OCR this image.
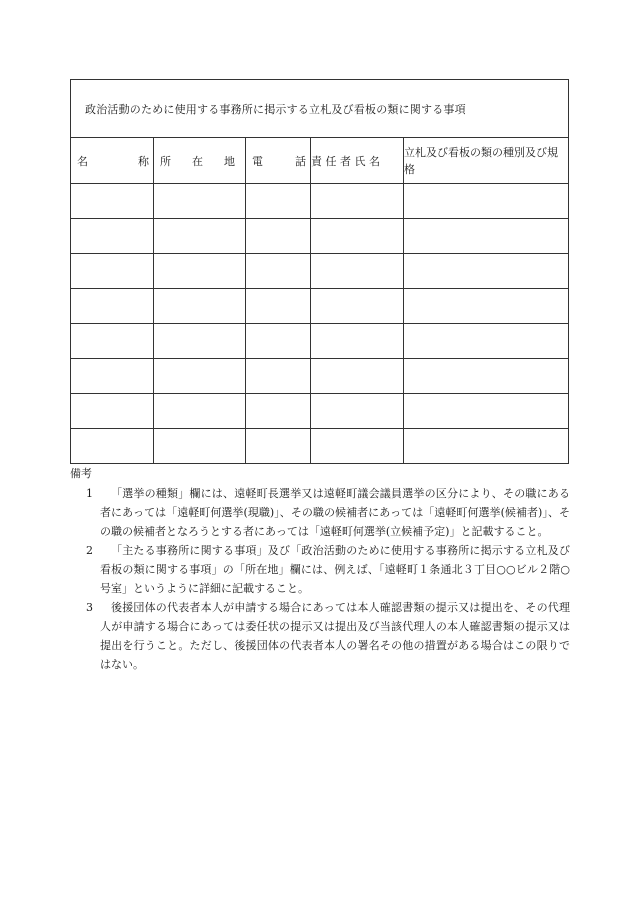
政治活動のために使用する事務所に掲示する立札及び看板の類に関する事項				

名 称	所 在 地	電 話	責 任 者 氏 名	立札及び看板の類の種別及び規格

備考

1	「選挙の種類」欄には、遠軽町長選挙又は遠軽町議会議員選挙の区分により、その職にある者にあっては「遠軽町何選挙(現職)」、その職の候補者にあっては「遠軽町何選挙(候補者)」、その職の候補者となろうとする者にあっては「遠軽町何選挙(立候補予定)」と記載すること。

2	「主たる事務所に関する事項」及び「政治活動のために使用する事務所に掲示する立札及び看板の類に関する事項」の「所在地」欄には、例えば、「遠軽町１条通北３丁目○○ビル２階○号室」というように詳細に記載すること。

3	後援団体の代表者本人が申請する場合にあっては本人確認書類の提示又は提出を、その代理人が申請する場合にあっては委任状の提示又は提出及び当該代理人の本人確認書類の提示又は提出を行うこと。ただし、後援団体の代表者本人の署名その他の措置がある場合はこの限りではない。
